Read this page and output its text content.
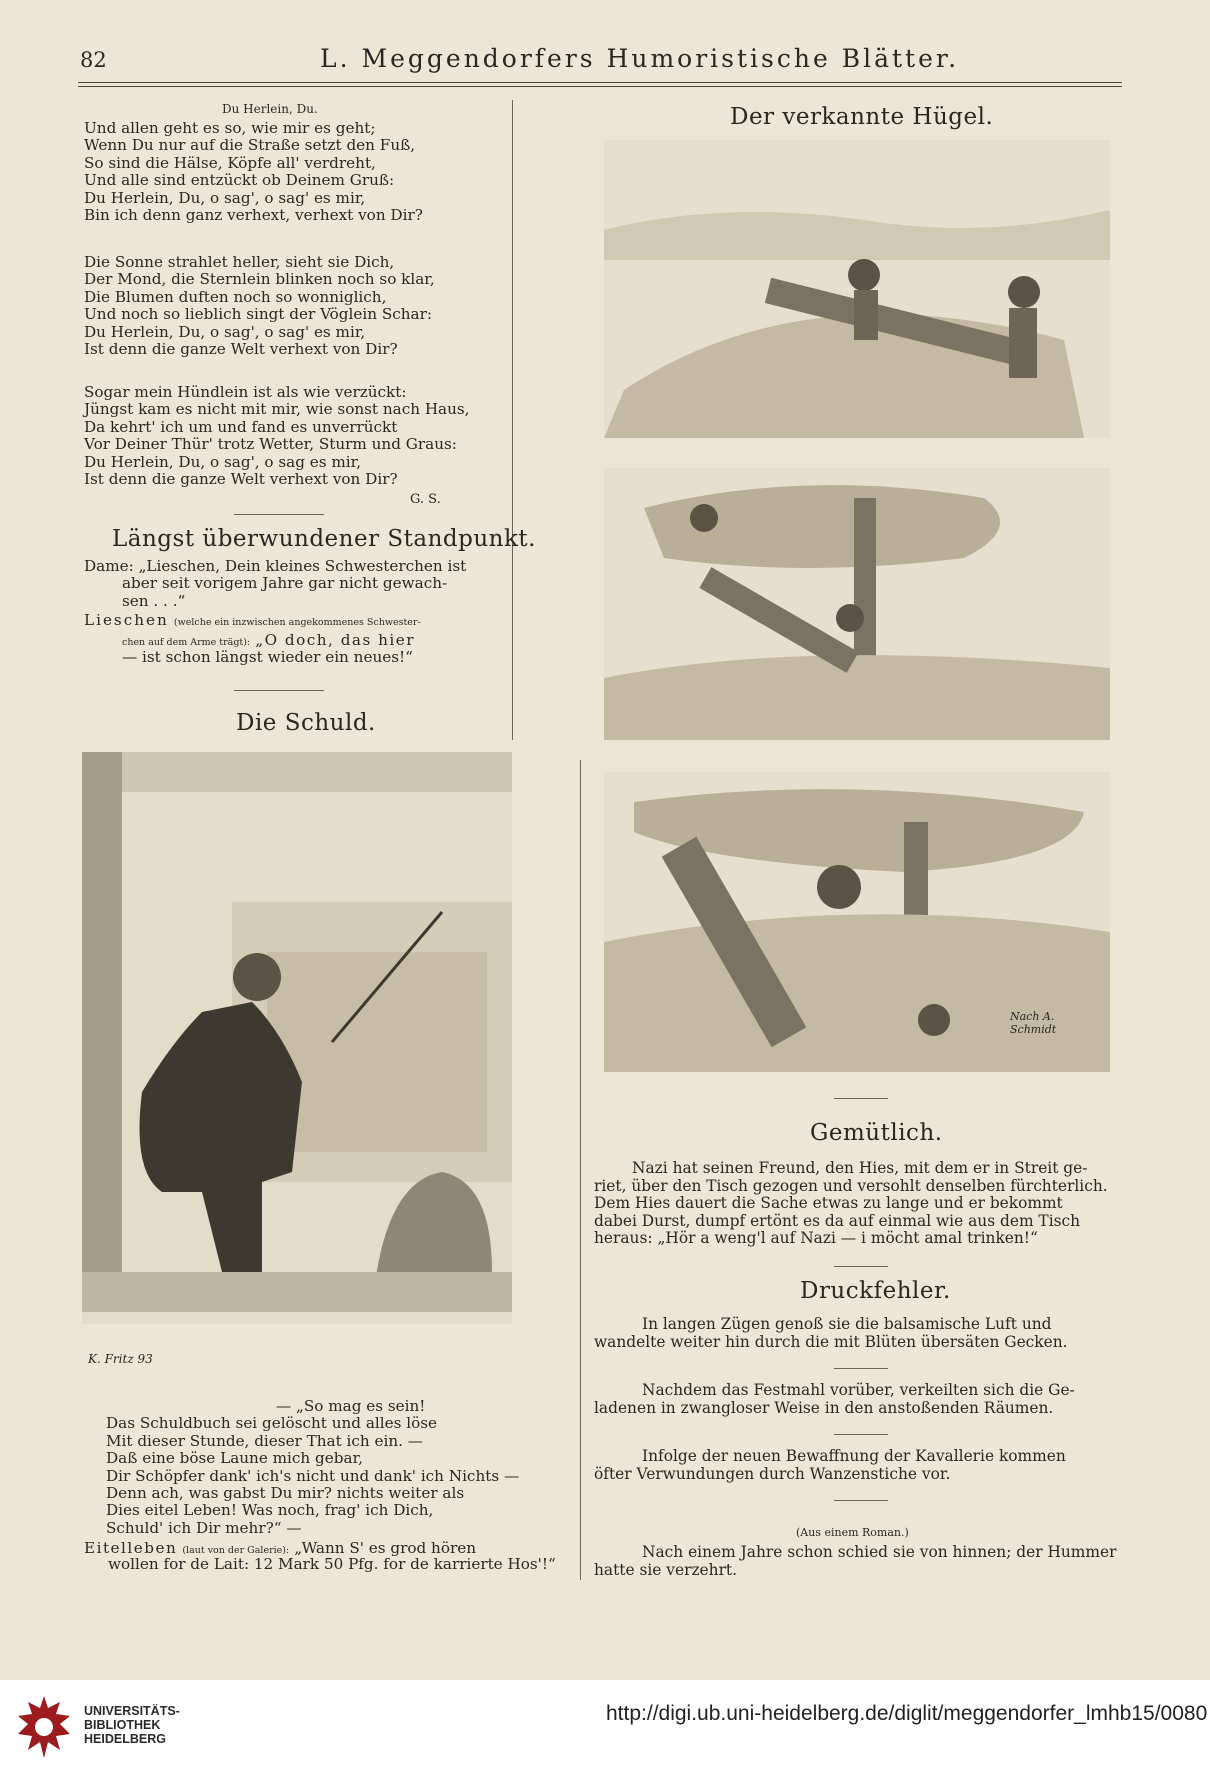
82	L. Meggendorfers Humoristische Blätter.
Du Herlein, Du.
Und allen geht es so, wie mir es geht;
Wenn Du nur auf die Straße setzt den Fuß,
So sind die Hälse, Köpfe all' verdreht,
Und alle sind entzückt ob Deinem Gruß:
Du Herlein, Du, o sag', o sag' es mir,
Bin ich denn ganz verhext, verhext von Dir?
Die Sonne strahlet heller, sieht sie Dich,
Der Mond, die Sternlein blinken noch so klar,
Die Blumen duften noch so wonniglich,
Und noch so lieblich singt der Vöglein Schar:
Du Herlein, Du, o sag', o sag' es mir,
Ist denn die ganze Welt verhext von Dir?
Sogar mein Hündlein ist als wie verzückt:
Jüngst kam es nicht mit mir, wie sonst nach Haus,
Da kehrt' ich um und fand es unverrückt
Vor Deiner Thür' trotz Wetter, Sturm und Graus:
Du Herlein, Du, o sag', o sag es mir,
Ist denn die ganze Welt verhext von Dir?
G. S.
Längst überwundener Standpunkt.
Dame: „Lieschen, Dein kleines Schwesterchen ist
aber seit vorigem Jahre gar nicht gewach-
sen . . .“
Lieschen (welche ein inzwischen angekommenes Schwester-
chen auf dem Arme trägt): „O doch, das hier
— ist schon längst wieder ein neues!“
Die Schuld.
K. Fritz 93
— „So mag es sein!
Das Schuldbuch sei gelöscht und alles löse
Mit dieser Stunde, dieser That ich ein. —
Daß eine böse Laune mich gebar,
Dir Schöpfer dank' ich's nicht und dank' ich Nichts —
Denn ach, was gabst Du mir? nichts weiter als
Dies eitel Leben! Was noch, frag' ich Dich,
Schuld' ich Dir mehr?“ —
Eitelleben (laut von der Galerie): „Wann S' es grod hören
wollen for de Lait: 12 Mark 50 Pfg. for de karrierte Hos'!“
Der verkannte Hügel.
Nach A. Schmidt
Gemütlich.
Nazi hat seinen Freund, den Hies, mit dem er in Streit ge-
riet, über den Tisch gezogen und versohlt denselben fürchterlich.
Dem Hies dauert die Sache etwas zu lange und er bekommt
dabei Durst, dumpf ertönt es da auf einmal wie aus dem Tisch
heraus: „Hör a weng'l auf Nazi — i möcht amal trinken!“
Druckfehler.
In langen Zügen genoß sie die balsamische Luft und
wandelte weiter hin durch die mit Blüten übersäten Gecken.
Nachdem das Festmahl vorüber, verkeilten sich die Ge-
ladenen in zwangloser Weise in den anstoßenden Räumen.
Infolge der neuen Bewaffnung der Kavallerie kommen
öfter Verwundungen durch Wanzenstiche vor.
(Aus einem Roman.)
Nach einem Jahre schon schied sie von hinnen; der Hummer
hatte sie verzehrt.
UNIVERSITÄTS-
BIBLIOTHEK
HEIDELBERG
http://digi.ub.uni-heidelberg.de/diglit/meggendorfer_lmhb15/0080
